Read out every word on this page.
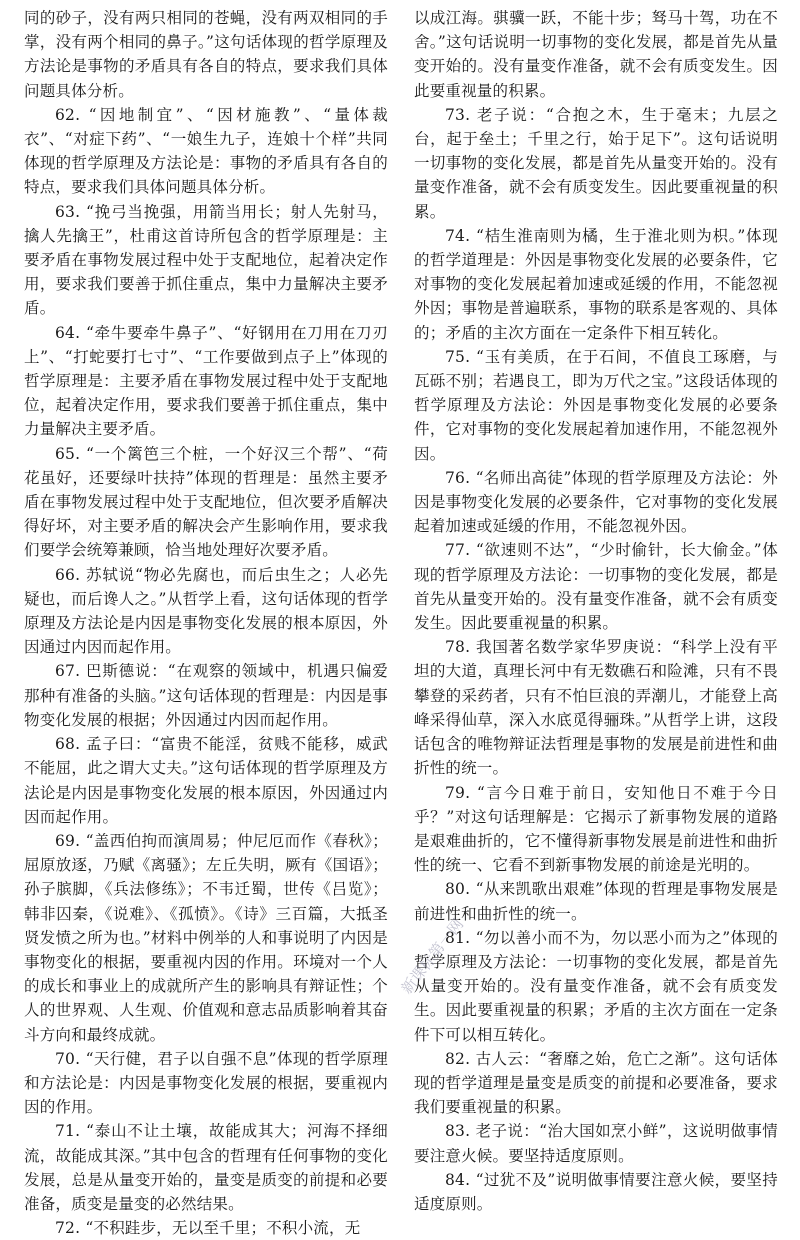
同的砂子，没有两只相同的苍蝇，没有两双相同的手掌，没有两个相同的鼻子。”这句话体现的哲学原理及方法论是事物的矛盾具有各自的特点，要求我们具体问题具体分析。

62. “因地制宜”、“因材施教”、“量体裁衣”、“对症下药”、“一娘生九子，连娘十个样”共同体现的哲学原理及方法论是：事物的矛盾具有各自的特点，要求我们具体问题具体分析。

63. “挽弓当挽强，用箭当用长；射人先射马，擒人先擒王”，杜甫这首诗所包含的哲学原理是：主要矛盾在事物发展过程中处于支配地位，起着决定作用，要求我们要善于抓住重点，集中力量解决主要矛盾。

64. “牵牛要牵牛鼻子”、“好钢用在刀用在刀刃上”、“打蛇要打七寸”、“工作要做到点子上”体现的哲学原理是：主要矛盾在事物发展过程中处于支配地位，起着决定作用，要求我们要善于抓住重点，集中力量解决主要矛盾。

65. “一个篱笆三个桩，一个好汉三个帮”、“荷花虽好，还要绿叶扶持”体现的哲理是：虽然主要矛盾在事物发展过程中处于支配地位，但次要矛盾解决得好坏，对主要矛盾的解决会产生影响作用，要求我们要学会统筹兼顾，恰当地处理好次要矛盾。

66. 苏轼说“物必先腐也，而后虫生之；人必先疑也，而后谗人之。”从哲学上看，这句话体现的哲学原理及方法论是内因是事物变化发展的根本原因，外因通过内因而起作用。

67. 巴斯德说：“在观察的领域中，机遇只偏爱那种有准备的头脑。”这句话体现的哲理是：内因是事物变化发展的根据；外因通过内因而起作用。

68. 孟子曰：“富贵不能淫，贫贱不能移，威武不能屈，此之谓大丈夫。”这句话体现的哲学原理及方法论是内因是事物变化发展的根本原因，外因通过内因而起作用。

69. “盖西伯拘而演周易；仲尼厄而作《春秋》；屈原放逐，乃赋《离骚》；左丘失明，厥有《国语》；孙子膑脚，《兵法修练》；不韦迁蜀，世传《吕览》；韩非囚秦，《说难》、《孤愤》。《诗》三百篇，大抵圣贤发愤之所为也。”材料中例举的人和事说明了内因是事物变化的根据，要重视内因的作用。环境对一个人的成长和事业上的成就所产生的影响具有辩证性；个人的世界观、人生观、价值观和意志品质影响着其奋斗方向和最终成就。

70. “天行健，君子以自强不息”体现的哲学原理和方法论是：内因是事物变化发展的根据，要重视内因的作用。

71. “泰山不让土壤，故能成其大；河海不择细流，故能成其深。”其中包含的哲理有任何事物的变化发展，总是从量变开始的，量变是质变的前提和必要准备，质变是量变的必然结果。

72. “不积跬步，无以至千里；不积小流，无

以成江海。骐骥一跃，不能十步；驽马十驾，功在不舍。”这句话说明一切事物的变化发展，都是首先从量变开始的。没有量变作准备，就不会有质变发生。因此要重视量的积累。

73. 老子说：“合抱之木，生于毫末；九层之台，起于垒土；千里之行，始于足下”。这句话说明一切事物的变化发展，都是首先从量变开始的。没有量变作准备，就不会有质变发生。因此要重视量的积累。

74. “桔生淮南则为橘，生于淮北则为枳。”体现的哲学道理是：外因是事物变化发展的必要条件，它对事物的变化发展起着加速或延缓的作用，不能忽视外因；事物是普遍联系，事物的联系是客观的、具体的；矛盾的主次方面在一定条件下相互转化。

75. “玉有美质，在于石间，不值良工琢磨，与瓦砾不别；若遇良工，即为万代之宝。”这段话体现的哲学原理及方法论：外因是事物变化发展的必要条件，它对事物的变化发展起着加速作用，不能忽视外因。

76. “名师出高徒”体现的哲学原理及方法论：外因是事物变化发展的必要条件，它对事物的变化发展起着加速或延缓的作用，不能忽视外因。

77. “欲速则不达”，“少时偷针，长大偷金。”体现的哲学原理及方法论：一切事物的变化发展，都是首先从量变开始的。没有量变作准备，就不会有质变发生。因此要重视量的积累。

78. 我国著名数学家华罗庚说：“科学上没有平坦的大道，真理长河中有无数礁石和险滩，只有不畏攀登的采药者，只有不怕巨浪的弄潮儿，才能登上高峰采得仙草，深入水底觅得骊珠。”从哲学上讲，这段话包含的唯物辩证法哲理是事物的发展是前进性和曲折性的统一。

79. “言今日难于前日，安知他日不难于今日乎？”对这句话理解是：它揭示了新事物发展的道路是艰难曲折的，它不懂得新事物发展是前进性和曲折性的统一、它看不到新事物发展的前途是光明的。

80. “从来凯歌出艰难”体现的哲理是事物发展是前进性和曲折性的统一。

81. “勿以善小而不为，勿以恶小而为之”体现的哲学原理及方法论：一切事物的变化发展，都是首先从量变开始的。没有量变作准备，就不会有质变发生。因此要重视量的积累；矛盾的主次方面在一定条件下可以相互转化。

82. 古人云：“奢靡之始，危亡之渐”。这句话体现的哲学道理是量变是质变的前提和必要准备，要求我们要重视量的积累。

83. 老子说：“治大国如烹小鲜”，这说明做事情要注意火候。要坚持适度原则。

84. “过犹不及”说明做事情要注意火候，要坚持适度原则。

新课标第一网
